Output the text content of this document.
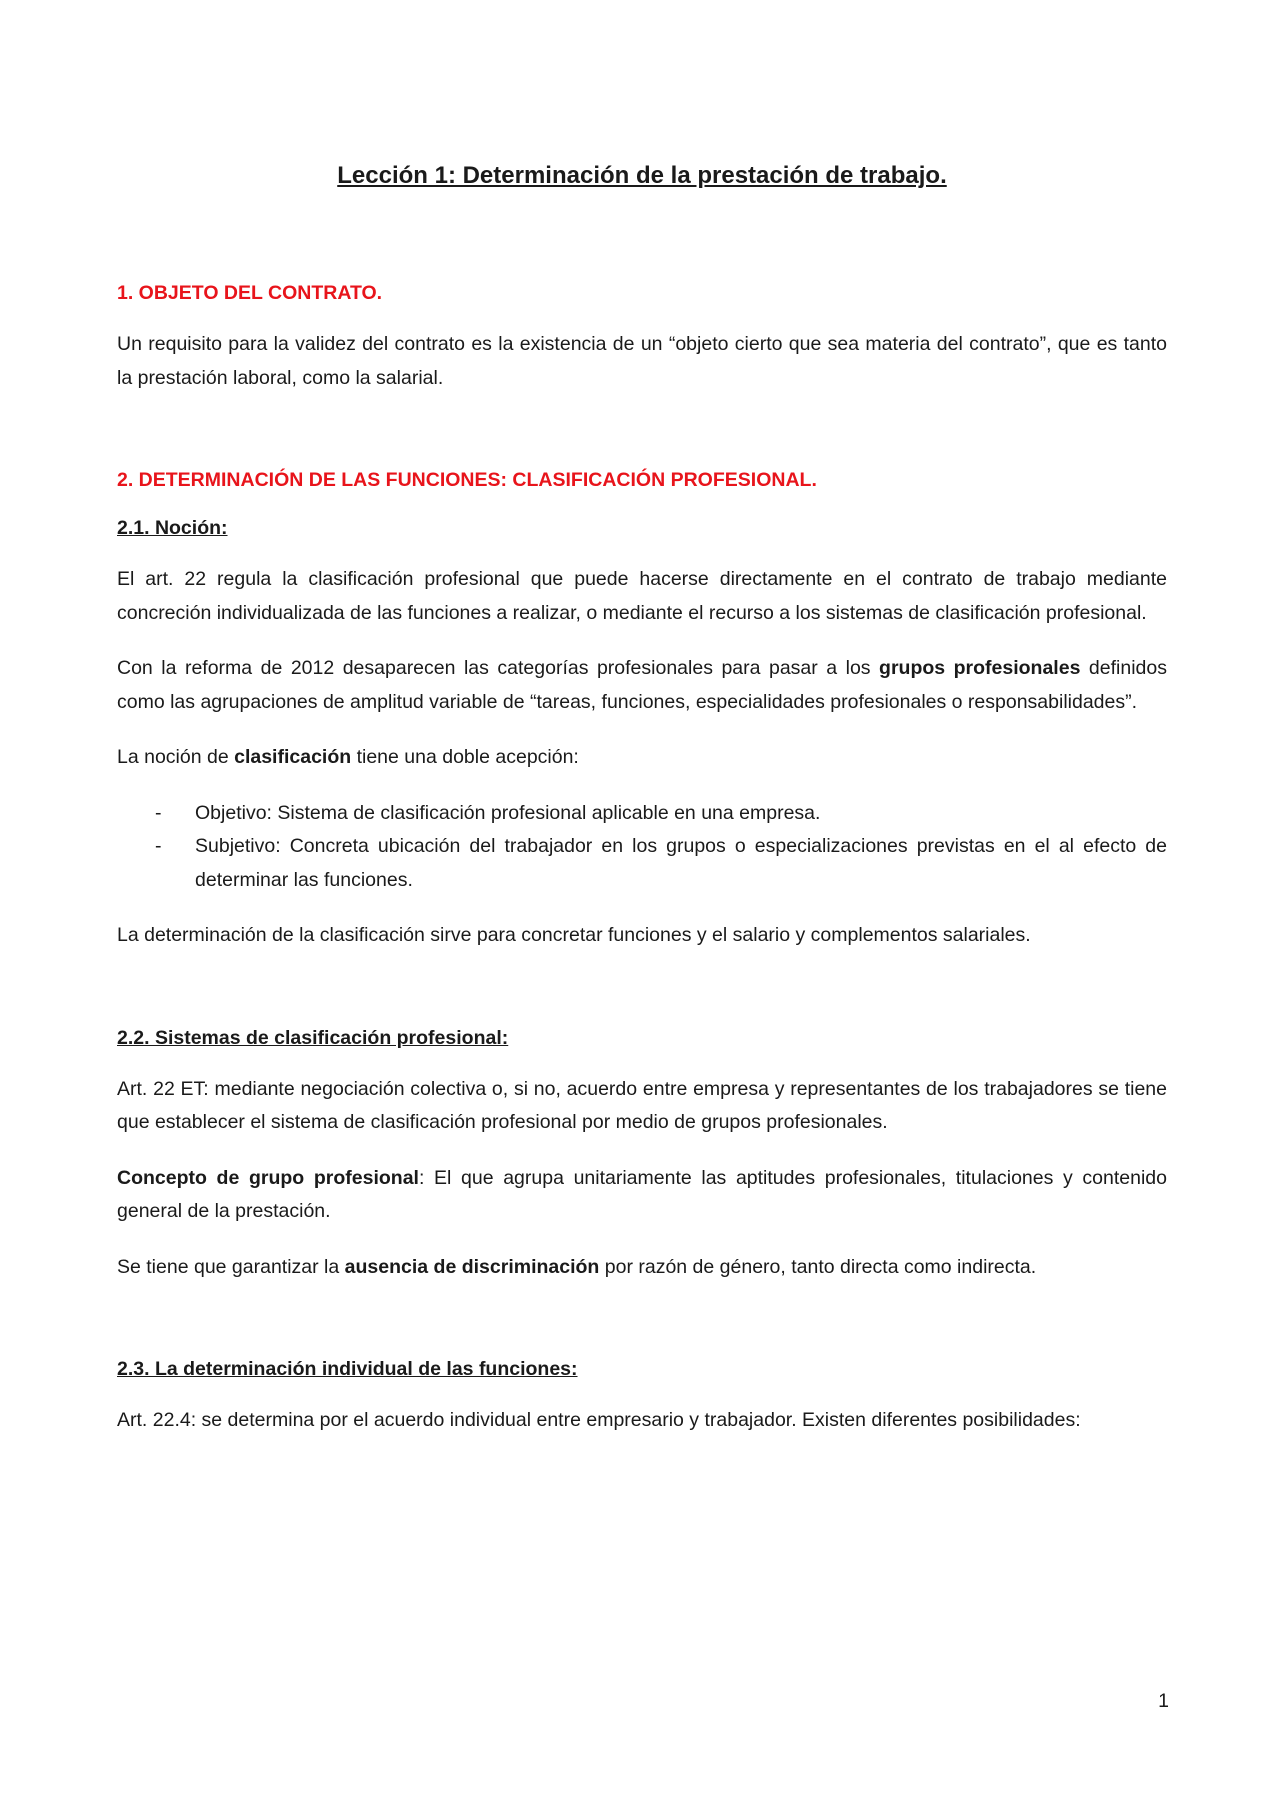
Lección 1: Determinación de la prestación de trabajo.
1. OBJETO DEL CONTRATO.

Un requisito para la validez del contrato es la existencia de un “objeto cierto que sea materia del contrato”, que es tanto la prestación laboral, como la salarial.

2. DETERMINACIÓN DE LAS FUNCIONES: CLASIFICACIÓN PROFESIONAL.
2.1. Noción:

El art. 22 regula la clasificación profesional que puede hacerse directamente en el contrato de trabajo mediante concreción individualizada de las funciones a realizar, o mediante el recurso a los sistemas de clasificación profesional.

Con la reforma de 2012 desaparecen las categorías profesionales para pasar a los grupos profesionales definidos como las agrupaciones de amplitud variable de “tareas, funciones, especialidades profesionales o responsabilidades”.

La noción de clasificación tiene una doble acepción:

- Objetivo: Sistema de clasificación profesional aplicable en una empresa.
- Subjetivo: Concreta ubicación del trabajador en los grupos o especializaciones previstas en el al efecto de determinar las funciones.

La determinación de la clasificación sirve para concretar funciones y el salario y complementos salariales.

2.2. Sistemas de clasificación profesional:

Art. 22 ET: mediante negociación colectiva o, si no, acuerdo entre empresa y representantes de los trabajadores se tiene que establecer el sistema de clasificación profesional por medio de grupos profesionales.

Concepto de grupo profesional: El que agrupa unitariamente las aptitudes profesionales, titulaciones y contenido general de la prestación.

Se tiene que garantizar la ausencia de discriminación por razón de género, tanto directa como indirecta.

2.3. La determinación individual de las funciones:

Art. 22.4: se determina por el acuerdo individual entre empresario y trabajador. Existen diferentes posibilidades:

1
